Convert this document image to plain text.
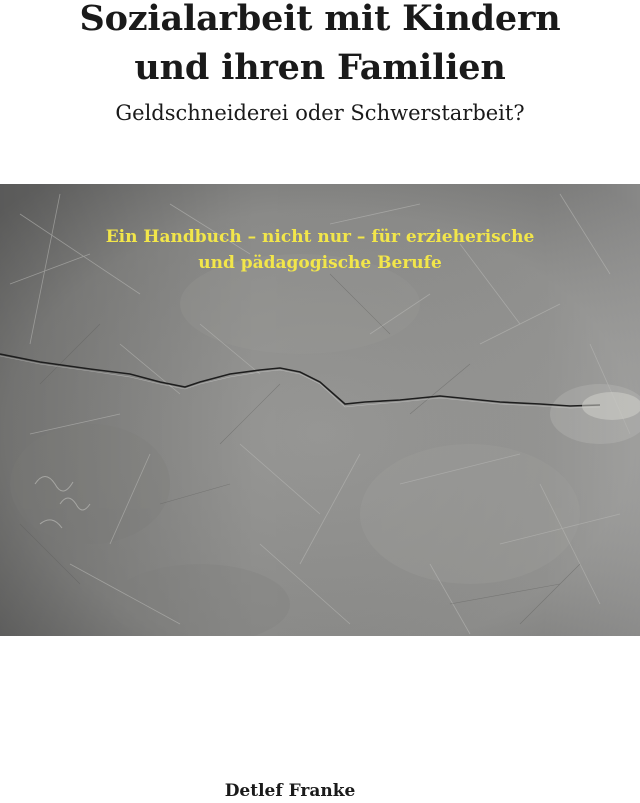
Sozialarbeit mit Kindern
und ihren Familien
Geldschneiderei oder Schwerstarbeit?
Ein Handbuch – nicht nur – für erzieherische
und pädagogische Berufe
Detlef Franke
